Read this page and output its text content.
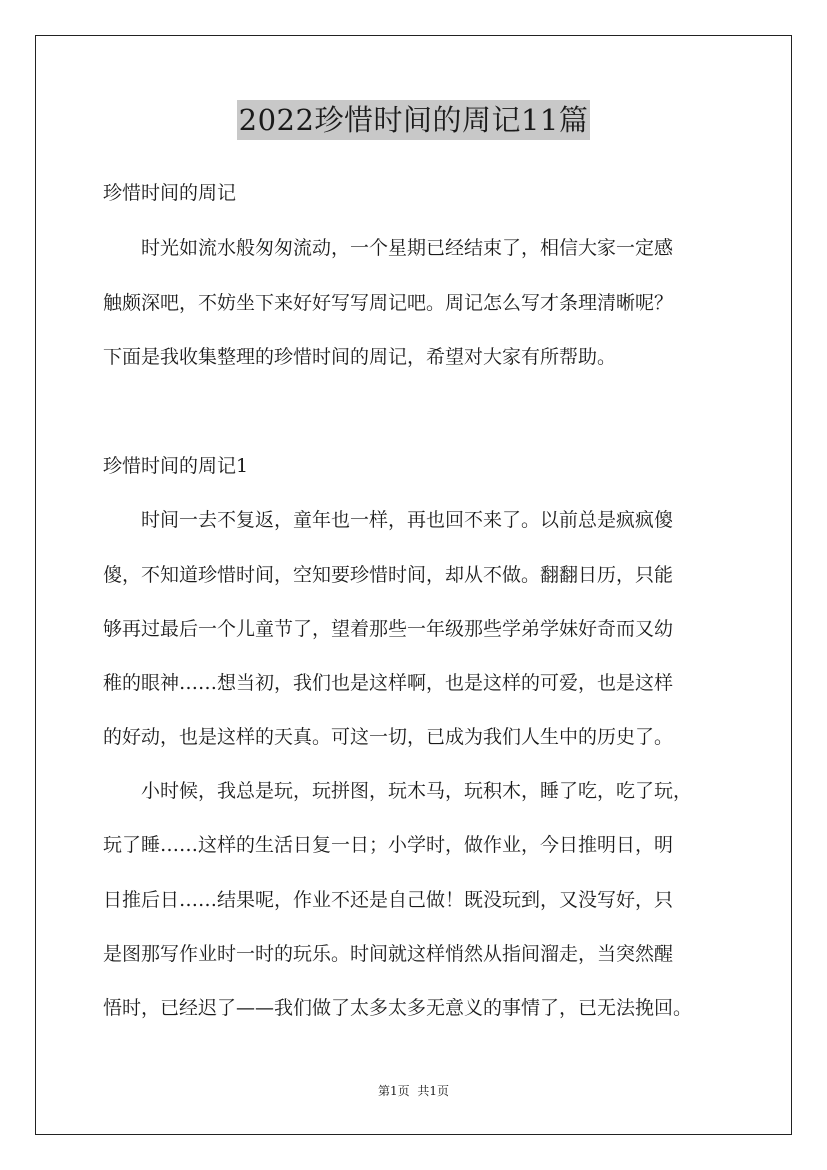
2022珍惜时间的周记11篇
珍惜时间的周记
　　时光如流水般匆匆流动，一个星期已经结束了，相信大家一定感
触颇深吧，不妨坐下来好好写写周记吧。周记怎么写才条理清晰呢？
下面是我收集整理的珍惜时间的周记，希望对大家有所帮助。
珍惜时间的周记1
　　时间一去不复返，童年也一样，再也回不来了。以前总是疯疯傻
傻，不知道珍惜时间，空知要珍惜时间，却从不做。翻翻日历，只能
够再过最后一个儿童节了，望着那些一年级那些学弟学妹好奇而又幼
稚的眼神……想当初，我们也是这样啊，也是这样的可爱，也是这样
的好动，也是这样的天真。可这一切，已成为我们人生中的历史了。
　　小时候，我总是玩，玩拼图，玩木马，玩积木，睡了吃，吃了玩，
玩了睡……这样的生活日复一日；小学时，做作业，今日推明日，明
日推后日……结果呢，作业不还是自己做！既没玩到，又没写好，只
是图那写作业时一时的玩乐。时间就这样悄然从指间溜走，当突然醒
悟时，已经迟了——我们做了太多太多无意义的事情了，已无法挽回。
第1页 共1页
